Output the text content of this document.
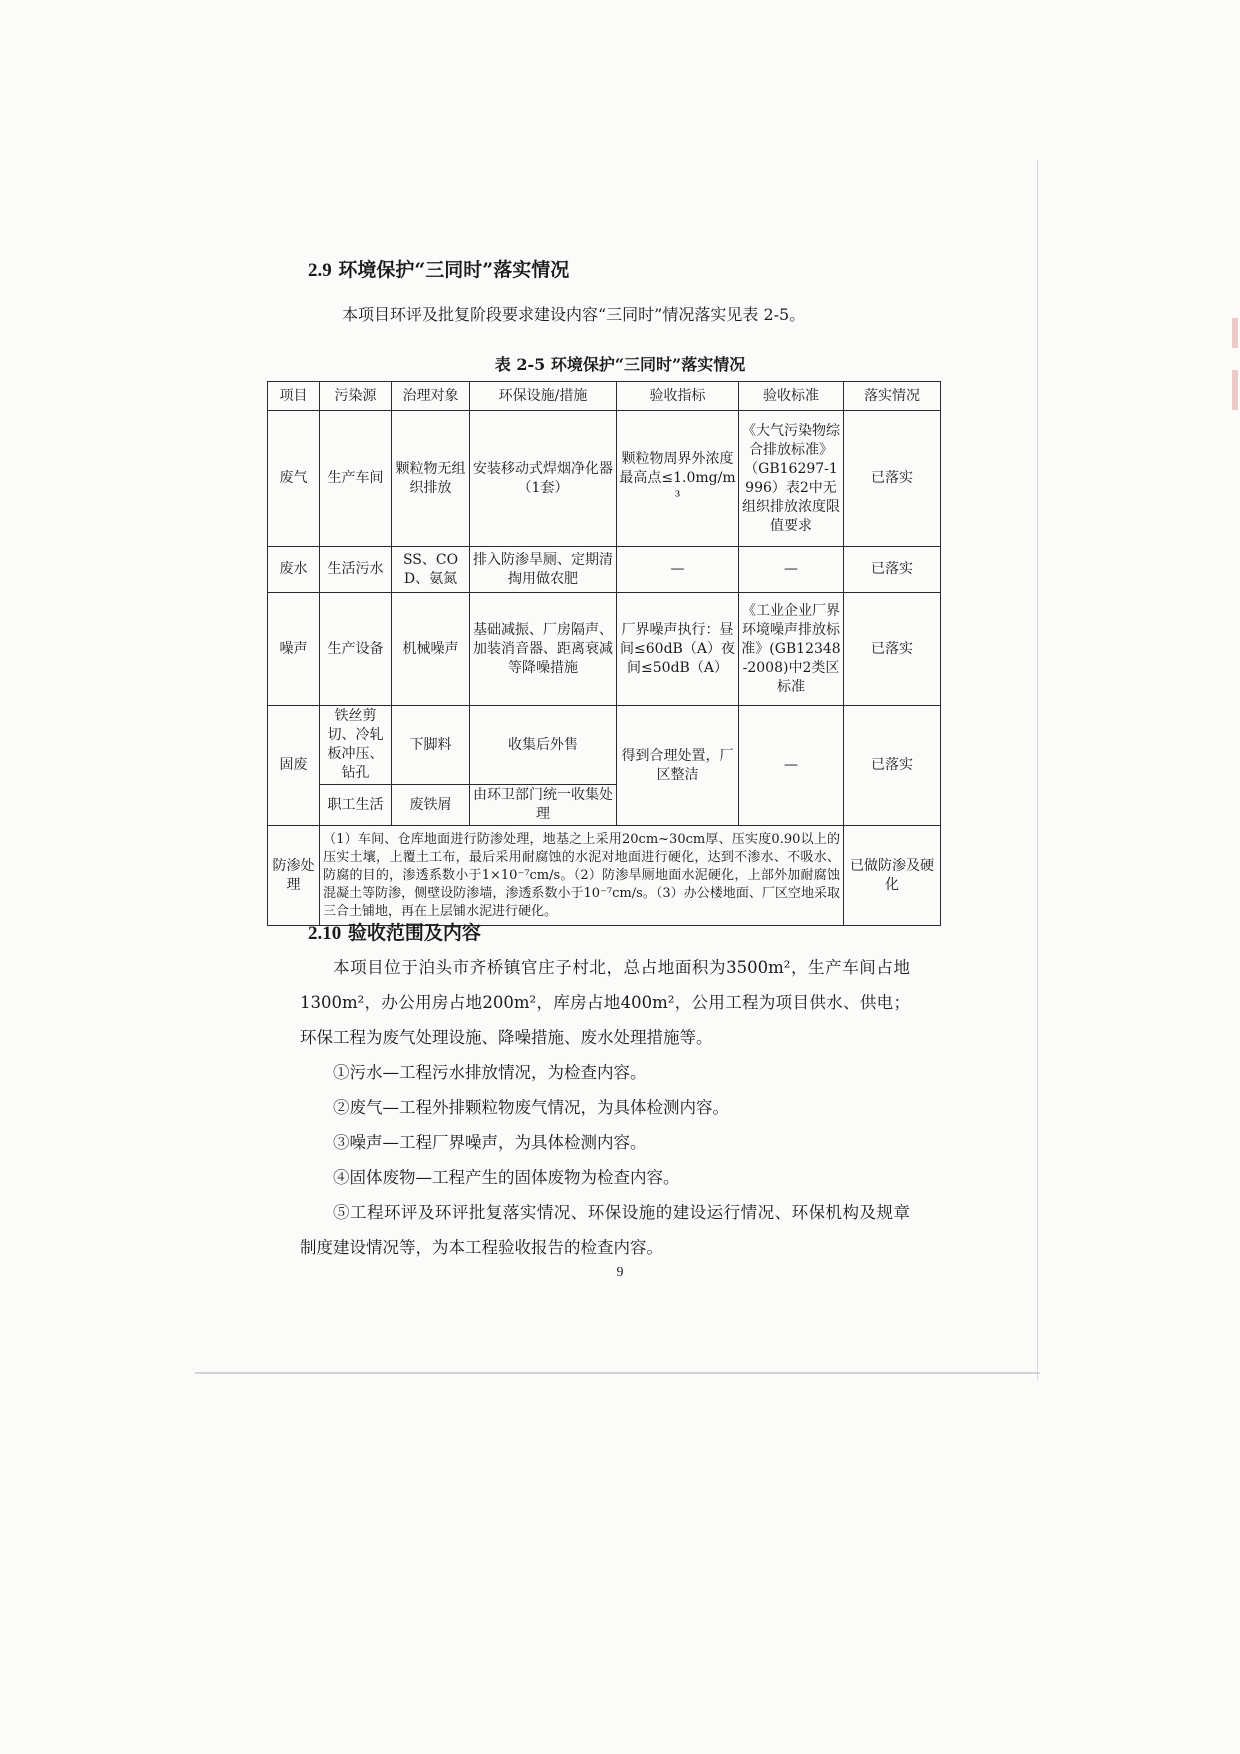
2.9 环境保护“三同时”落实情况
本项目环评及批复阶段要求建设内容“三同时”情况落实见表 2-5。
表 2-5 环境保护“三同时”落实情况
项目	污染源	治理对象	环保设施/措施	验收指标	验收标准	落实情况
废气	生产车间	颗粒物无组织排放	安装移动式焊烟净化器（1套）	颗粒物周界外浓度最高点≤1.0mg/m³	《大气污染物综合排放标准》（GB16297-1996）表2中无组织排放浓度限值要求	已落实
废水	生活污水	SS、COD、氨氮	排入防渗旱厕、定期清掏用做农肥	—	—	已落实
噪声	生产设备	机械噪声	基础减振、厂房隔声、加装消音器、距离衰减等降噪措施	厂界噪声执行：昼间≤60dB（A）夜间≤50dB（A）	《工业企业厂界环境噪声排放标准》(GB12348-2008)中2类区标准	已落实
固废	铁丝剪切、冷轧板冲压、钻孔	下脚料	收集后外售	得到合理处置，厂区整洁	—	已落实
	职工生活	废铁屑	由环卫部门统一收集处理			
防渗处理	（1）车间、仓库地面进行防渗处理，地基之上采用20cm~30cm厚、压实度0.90以上的压实土壤，上覆土工布，最后采用耐腐蚀的水泥对地面进行硬化，达到不渗水、不吸水、防腐的目的，渗透系数小于1×10⁻⁷cm/s。（2）防渗旱厕地面水泥硬化，上部外加耐腐蚀混凝土等防渗，侧壁设防渗墙，渗透系数小于10⁻⁷cm/s。（3）办公楼地面、厂区空地采取三合土铺地，再在上层铺水泥进行硬化。					已做防渗及硬化
2.10 验收范围及内容

本项目位于泊头市齐桥镇官庄子村北，总占地面积为3500m²，生产车间占地1300m²，办公用房占地200m²，库房占地400m²，公用工程为项目供水、供电；环保工程为废气处理设施、降噪措施、废水处理措施等。

①污水—工程污水排放情况，为检查内容。

②废气—工程外排颗粒物废气情况，为具体检测内容。

③噪声—工程厂界噪声，为具体检测内容。

④固体废物—工程产生的固体废物为检查内容。

⑤工程环评及环评批复落实情况、环保设施的建设运行情况、环保机构及规章制度建设情况等，为本工程验收报告的检查内容。

9
